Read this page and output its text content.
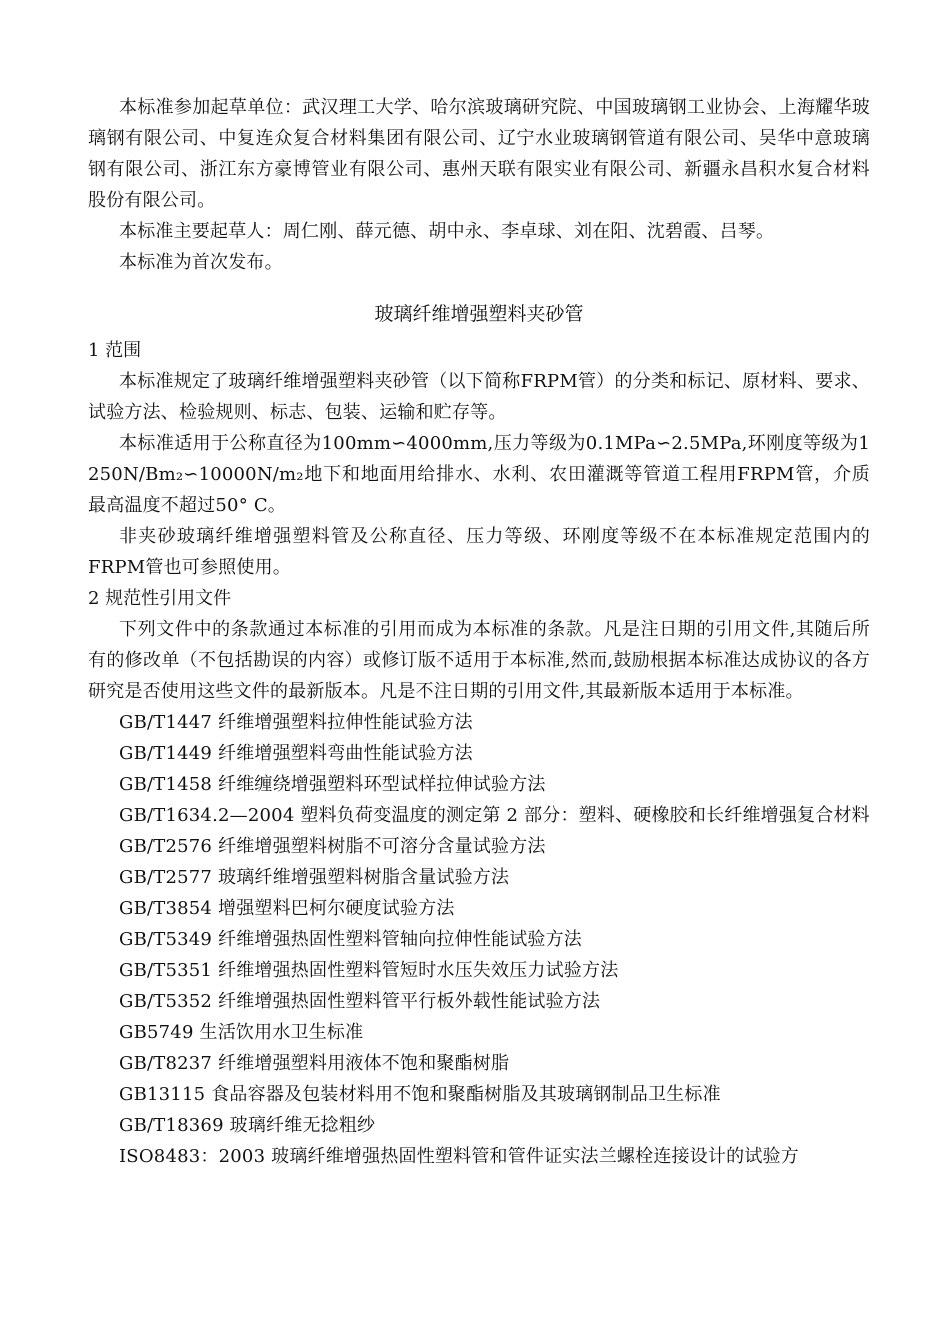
本标准参加起草单位：武汉理工大学、哈尔滨玻璃研究院、中国玻璃钢工业协会、上海耀华玻璃钢有限公司、中复连众复合材料集团有限公司、辽宁水业玻璃钢管道有限公司、吴华中意玻璃钢有限公司、浙江东方豪博管业有限公司、惠州天联有限实业有限公司、新疆永昌积水复合材料股份有限公司。

本标准主要起草人：周仁刚、薛元德、胡中永、李卓球、刘在阳、沈碧霞、吕琴。

本标准为首次发布。

玻璃纤维增强塑料夹砂管

1 范围

本标准规定了玻璃纤维增强塑料夹砂管（以下简称FRPM管）的分类和标记、原材料、要求、试验方法、检验规则、标志、包装、运输和贮存等。

本标准适用于公称直径为100mm∽4000mm,压力等级为0.1MPa∽2.5MPa,环刚度等级为1 250N/Bm₂∽10000N/m₂地下和地面用给排水、水利、农田灌溉等管道工程用FRPM管，介质最高温度不超过50° C。

非夹砂玻璃纤维增强塑料管及公称直径、压力等级、环刚度等级不在本标准规定范围内的FRPM管也可参照使用。

2 规范性引用文件

下列文件中的条款通过本标准的引用而成为本标准的条款。凡是注日期的引用文件,其随后所有的修改单（不包括勘误的内容）或修订版不适用于本标准,然而,鼓励根据本标准达成协议的各方研究是否使用这些文件的最新版本。凡是不注日期的引用文件,其最新版本适用于本标准。

GB/T1447 纤维增强塑料拉伸性能试验方法
GB/T1449 纤维增强塑料弯曲性能试验方法
GB/T1458 纤维缠绕增强塑料环型试样拉伸试验方法
GB/T1634.2—2004 塑料负荷变温度的测定第 2 部分：塑料、硬橡胶和长纤维增强复合材料
GB/T2576 纤维增强塑料树脂不可溶分含量试验方法
GB/T2577 玻璃纤维增强塑料树脂含量试验方法
GB/T3854 增强塑料巴柯尔硬度试验方法
GB/T5349 纤维增强热固性塑料管轴向拉伸性能试验方法
GB/T5351 纤维增强热固性塑料管短时水压失效压力试验方法
GB/T5352 纤维增强热固性塑料管平行板外载性能试验方法
GB5749 生活饮用水卫生标准
GB/T8237 纤维增强塑料用液体不饱和聚酯树脂
GB13115 食品容器及包装材料用不饱和聚酯树脂及其玻璃钢制品卫生标准
GB/T18369 玻璃纤维无捻粗纱
ISO8483：2003 玻璃纤维增强热固性塑料管和管件证实法兰螺栓连接设计的试验方
